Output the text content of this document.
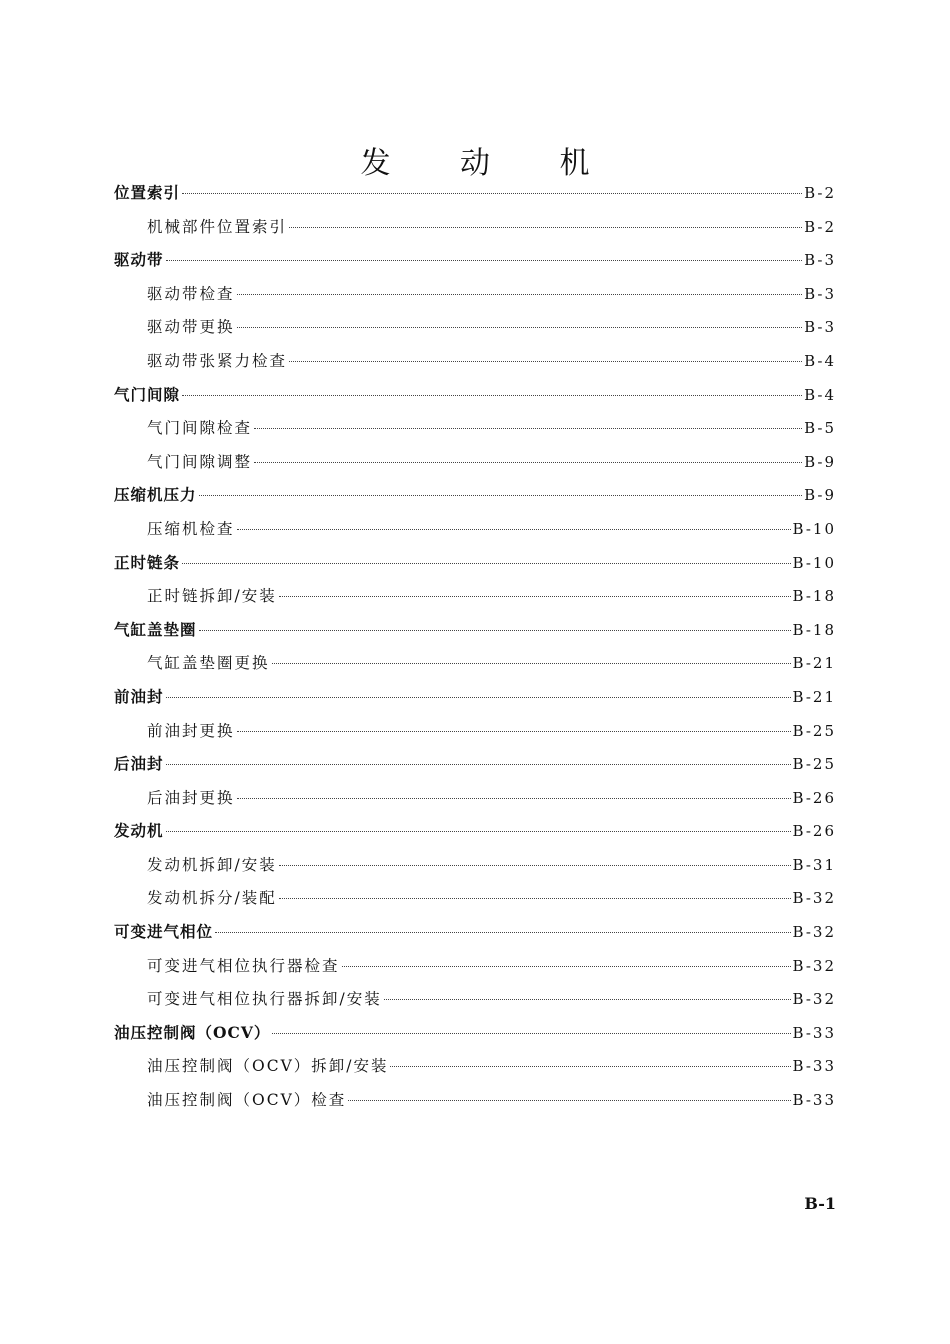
发 动 机
位置索引	B-2
机械部件位置索引	B-2
驱动带	B-3
驱动带检查	B-3
驱动带更换	B-3
驱动带张紧力检查	B-4
气门间隙	B-4
气门间隙检查	B-5
气门间隙调整	B-9
压缩机压力	B-9
压缩机检查	B-10
正时链条	B-10
正时链拆卸/安装	B-18
气缸盖垫圈	B-18
气缸盖垫圈更换	B-21
前油封	B-21
前油封更换	B-25
后油封	B-25
后油封更换	B-26
发动机	B-26
发动机拆卸/安装	B-31
发动机拆分/装配	B-32
可变进气相位	B-32
可变进气相位执行器检查	B-32
可变进气相位执行器拆卸/安装	B-32
油压控制阀（OCV）	B-33
油压控制阀（OCV）拆卸/安装	B-33
油压控制阀（OCV）检查	B-33
B-1
